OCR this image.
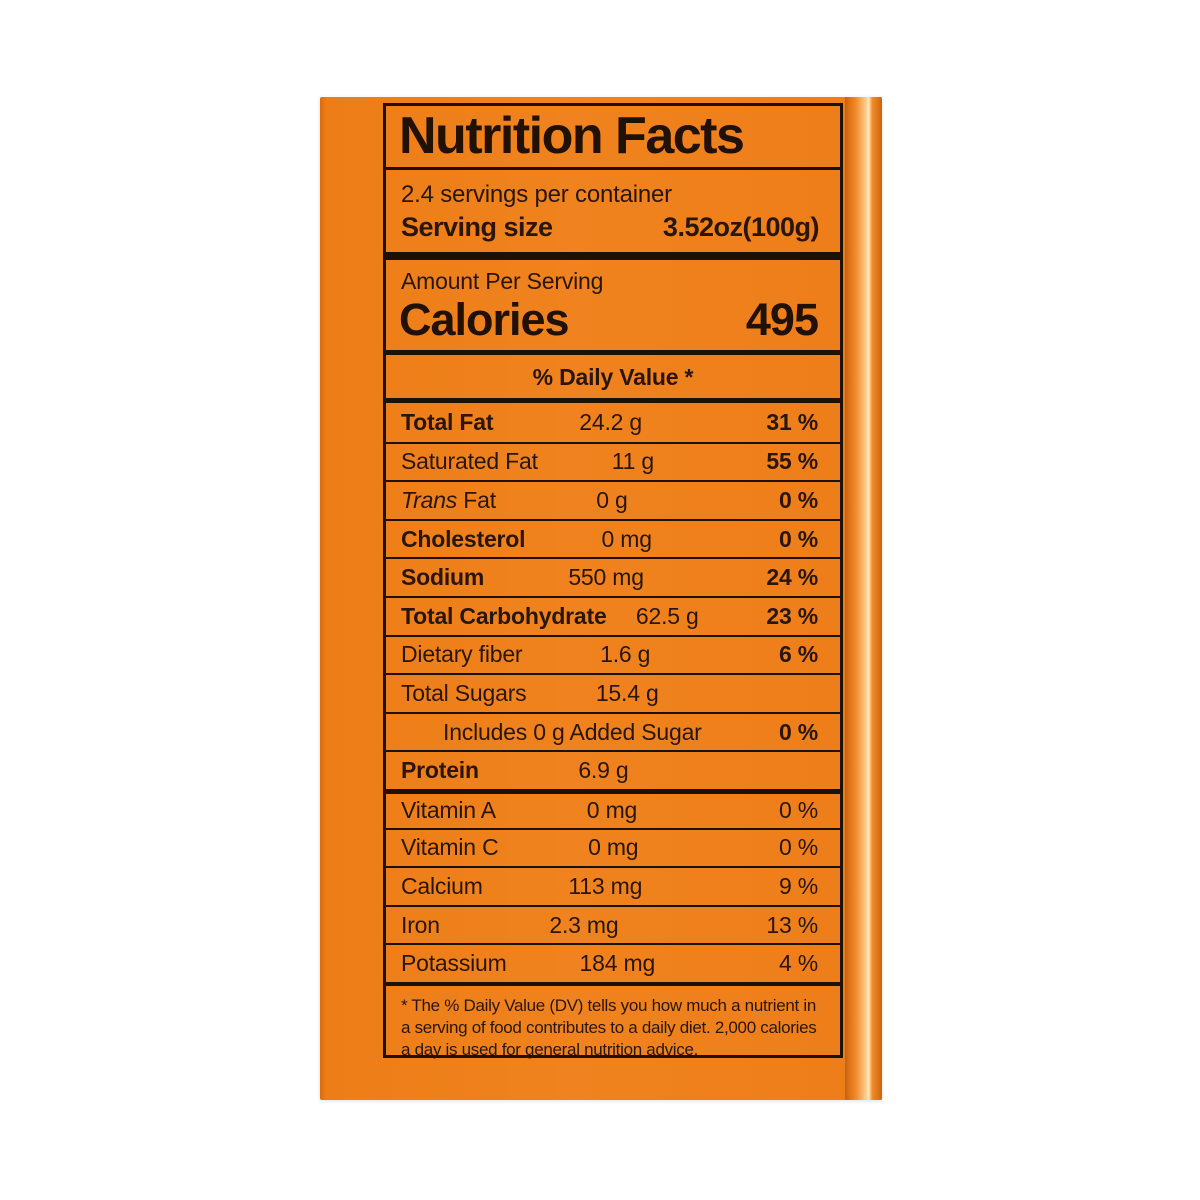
Nutrition Facts
2.4 servings per container
Serving size	3.52oz(100g)
Amount Per Serving
Calories	495
% Daily Value *
Total Fat	24.2 g	31 %
Saturated Fat	11 g	55 %
Trans Fat	0 g	0 %
Cholesterol	0 mg	0 %
Sodium	550 mg	24 %
Total Carbohydrate	62.5 g	23 %
Dietary fiber	1.6 g	6 %
Total Sugars	15.4 g
Includes 0 g Added Sugar	0 %
Protein	6.9 g
Vitamin A	0 mg	0 %
Vitamin C	0 mg	0 %
Calcium	113 mg	9 %
Iron	2.3 mg	13 %
Potassium	184 mg	4 %
* The % Daily Value (DV) tells you how much a nutrient in a serving of food contributes to a daily diet. 2,000 calories a day is used for general nutrition advice.
